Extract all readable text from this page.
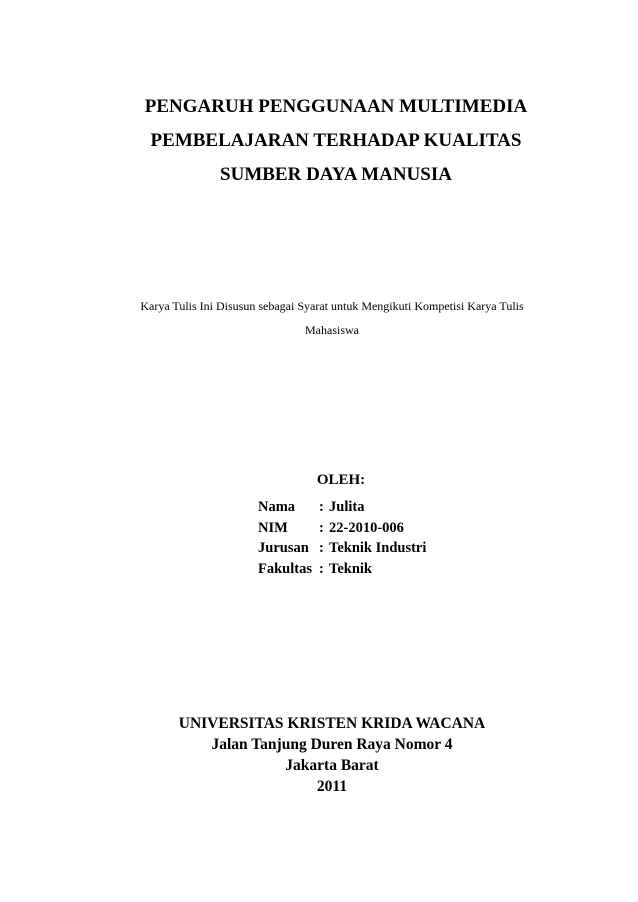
PENGARUH PENGGUNAAN MULTIMEDIA
PEMBELAJARAN TERHADAP KUALITAS
SUMBER DAYA MANUSIA
Karya Tulis Ini Disusun sebagai Syarat untuk Mengikuti Kompetisi Karya Tulis
Mahasiswa
OLEH:
Nama	: Julita
NIM	: 22-2010-006
Jurusan : Teknik Industri
Fakultas : Teknik
UNIVERSITAS KRISTEN KRIDA WACANA
Jalan Tanjung Duren Raya Nomor 4
Jakarta Barat
2011
